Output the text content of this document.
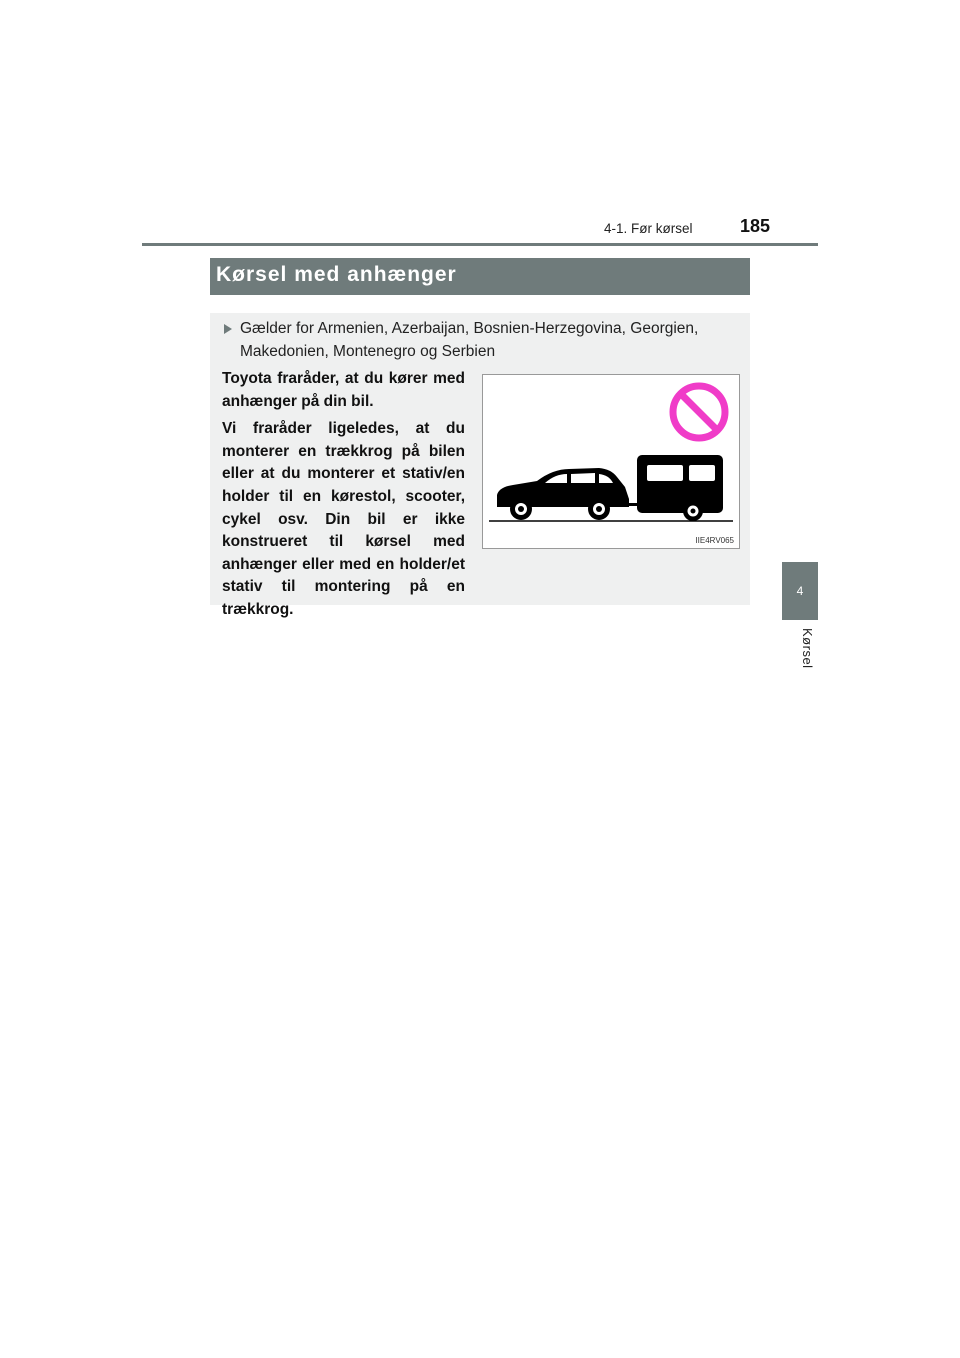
4-1. Før kørsel	185
4
Kørsel
Kørsel med anhænger
Gælder for Armenien, Azerbaijan, Bosnien-Herzegovina, Georgien, Makedonien, Montenegro og Serbien

Toyota fraråder, at du kører med anhænger på din bil.

Vi fraråder ligeledes, at du monterer en trækkrog på bilen eller at du monterer et stativ/en holder til en kørestol, scooter, cykel osv. Din bil er ikke konstrueret til kørsel med anhænger eller med en holder/et stativ til montering på en trækkrog.

IIE4RV065
